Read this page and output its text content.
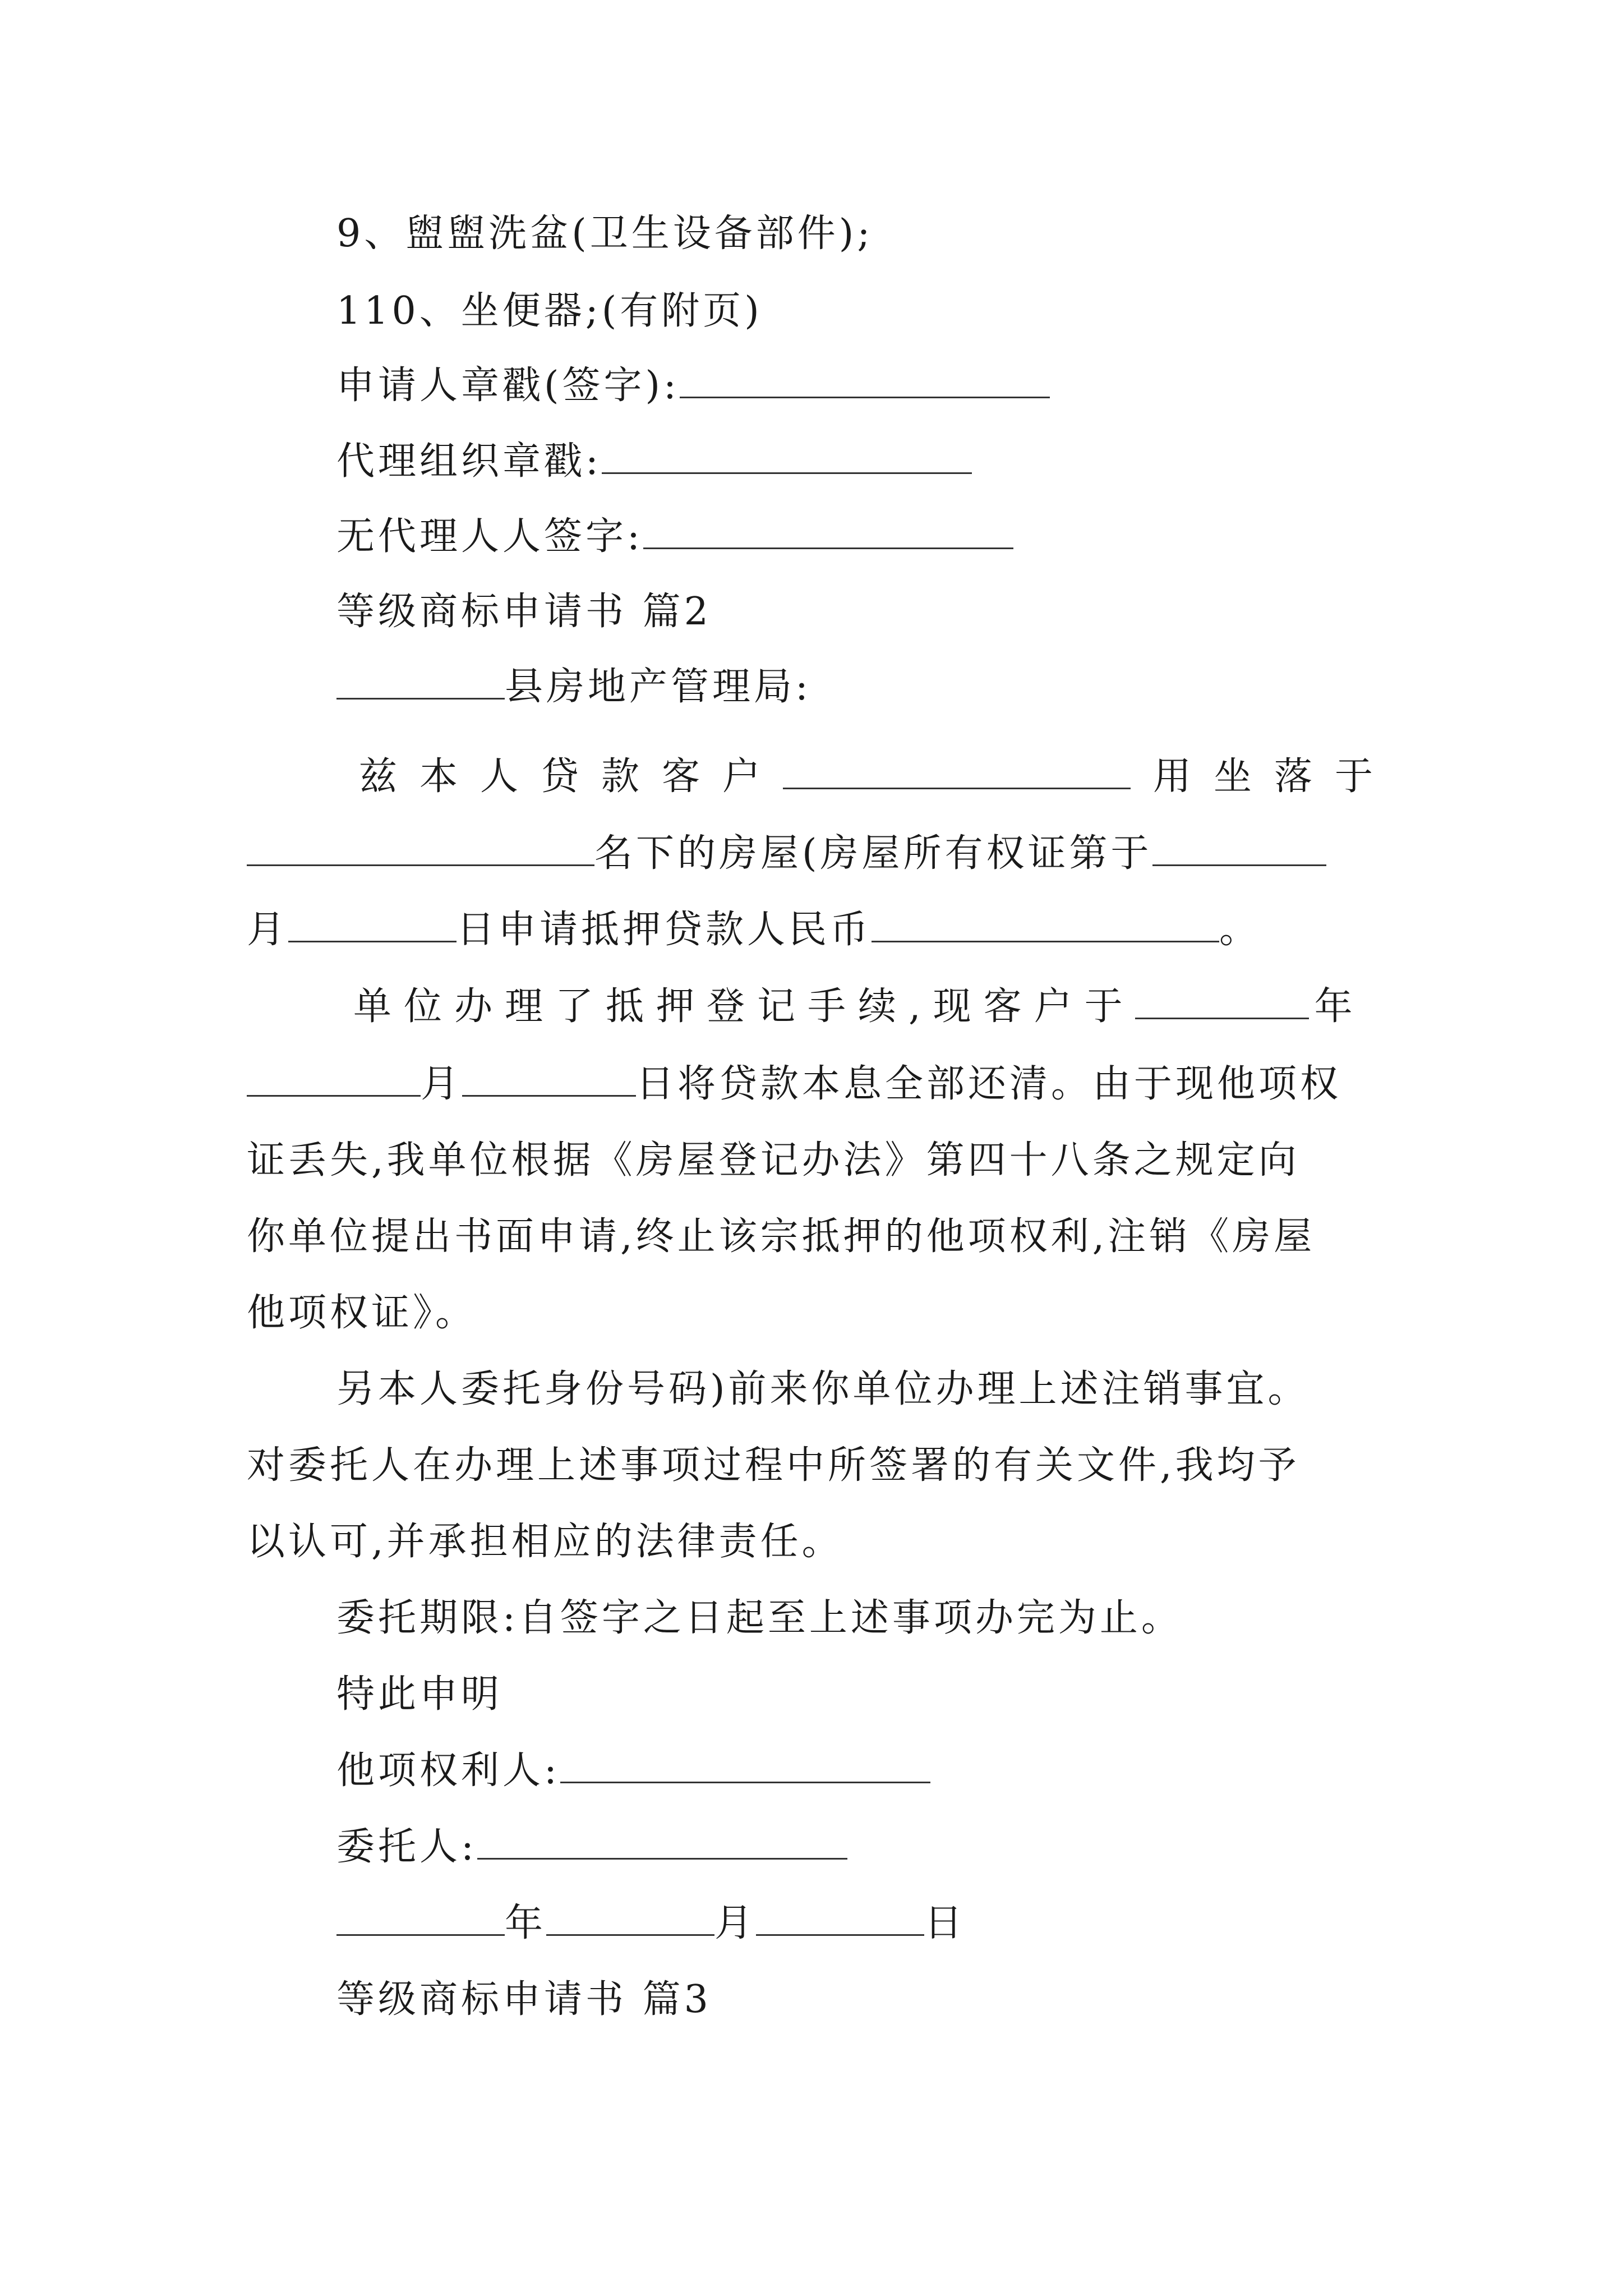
9、盥盥洗盆(卫生设备部件);
110、坐便器;(有附页)
申请人章戳(签字):
代理组织章戳:
无代理人人签字:
等级商标申请书 篇2
县房地产管理局:
兹本人贷款客户	用坐落于
名下的房屋(房屋所有权证第于
月	日申请抵押贷款人民币	。
单位办理了抵押登记手续,现客户于	年
月	日将贷款本息全部还清。由于现他项权
证丢失,我单位根据《房屋登记办法》第四十八条之规定向
你单位提出书面申请,终止该宗抵押的他项权利,注销《房屋
他项权证》。
另本人委托身份号码)前来你单位办理上述注销事宜。
对委托人在办理上述事项过程中所签署的有关文件,我均予
以认可,并承担相应的法律责任。
委托期限:自签字之日起至上述事项办完为止。
特此申明
他项权利人:
委托人:
年	月	日
等级商标申请书 篇3
